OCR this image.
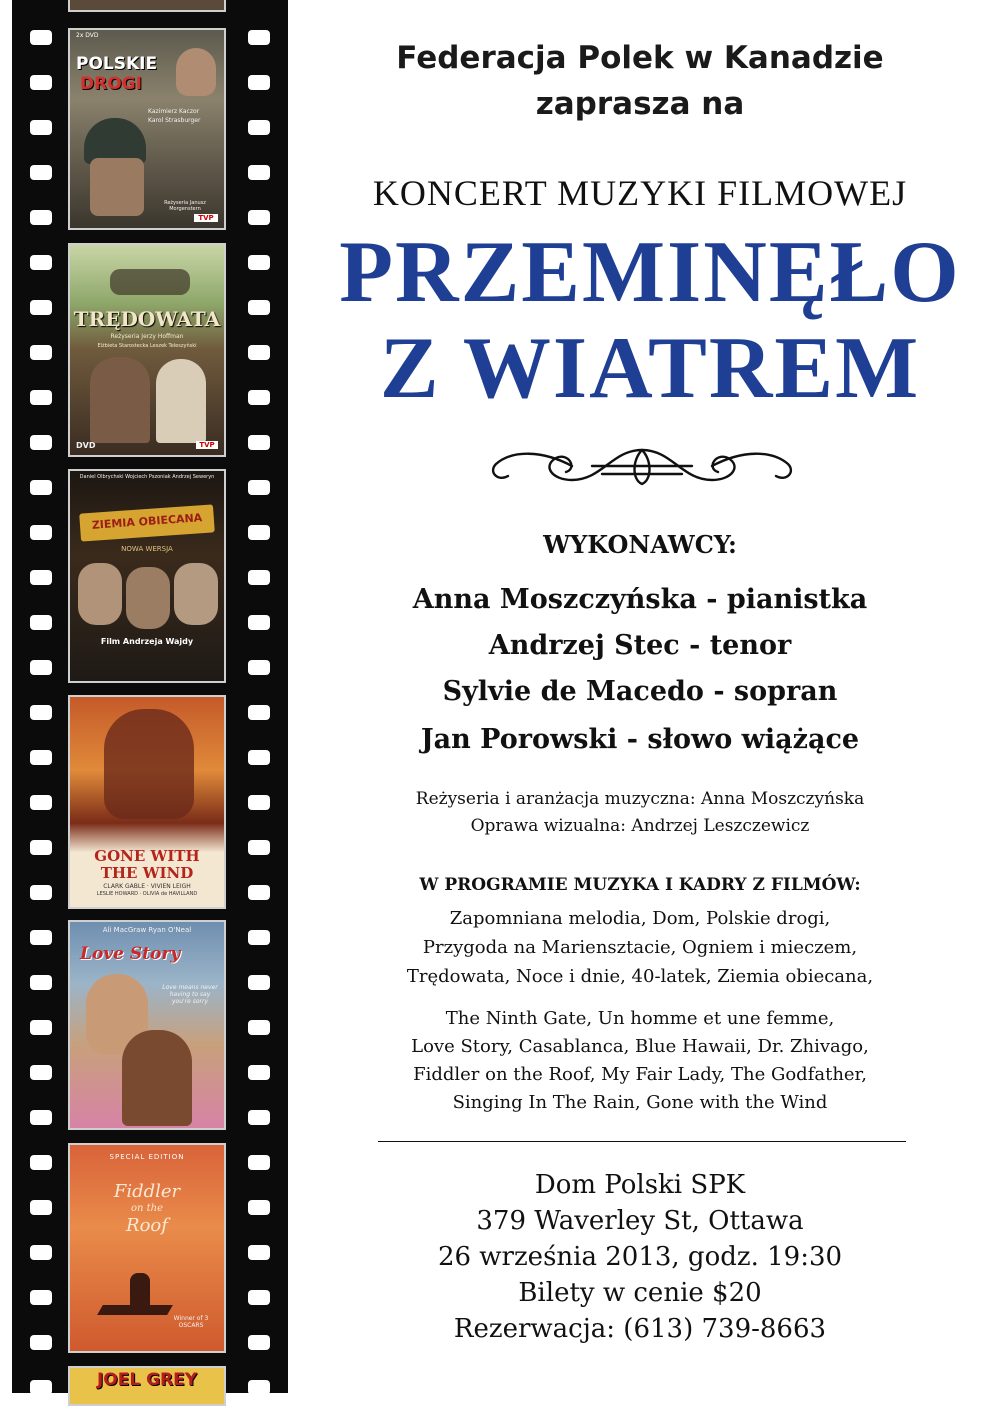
2x DVD
POLSKIE
DROGI
Kazimierz Kaczor
Karol Strasburger
Reżyseria Janusz Morgenstern
TVP
TRĘDOWATA
Reżyseria Jerzy Hoffman
Elżbieta Starostecka Leszek Teleszyński
DVD	TVP
Daniel Olbrychski Wojciech Pszoniak Andrzej Seweryn
ZIEMIA OBIECANA
NOWA WERSJA
Film Andrzeja Wajdy
GONE WITH
THE WIND
CLARK GABLE · VIVIEN LEIGH
LESLIE HOWARD · OLIVIA de HAVILLAND
Ali MacGraw Ryan O'Neal
Love Story
Love means never having to say you're sorry
SPECIAL EDITION
Fiddler
on the
Roof
Winner of 3 OSCARS
JOEL GREY
Federacja Polek w Kanadzie
zaprasza na
KONCERT MUZYKI FILMOWEJ
PRZEMINĘŁO
Z WIATREM
WYKONAWCY:
Anna Moszczyńska - pianistka
Andrzej Stec - tenor
Sylvie de Macedo - sopran
Jan Porowski - słowo wiążące
Reżyseria i aranżacja muzyczna: Anna Moszczyńska
Oprawa wizualna: Andrzej Leszczewicz
W PROGRAMIE MUZYKA I KADRY Z FILMÓW:
Zapomniana melodia, Dom, Polskie drogi,
Przygoda na Mariensztacie, Ogniem i mieczem,
Trędowata, Noce i dnie, 40-latek, Ziemia obiecana,
The Ninth Gate, Un homme et une femme,
Love Story, Casablanca, Blue Hawaii, Dr. Zhivago,
Fiddler on the Roof, My Fair Lady, The Godfather,
Singing In The Rain, Gone with the Wind
Dom Polski SPK
379 Waverley St, Ottawa
26 września 2013, godz. 19:30
Bilety w cenie $20
Rezerwacja: (613) 739-8663
